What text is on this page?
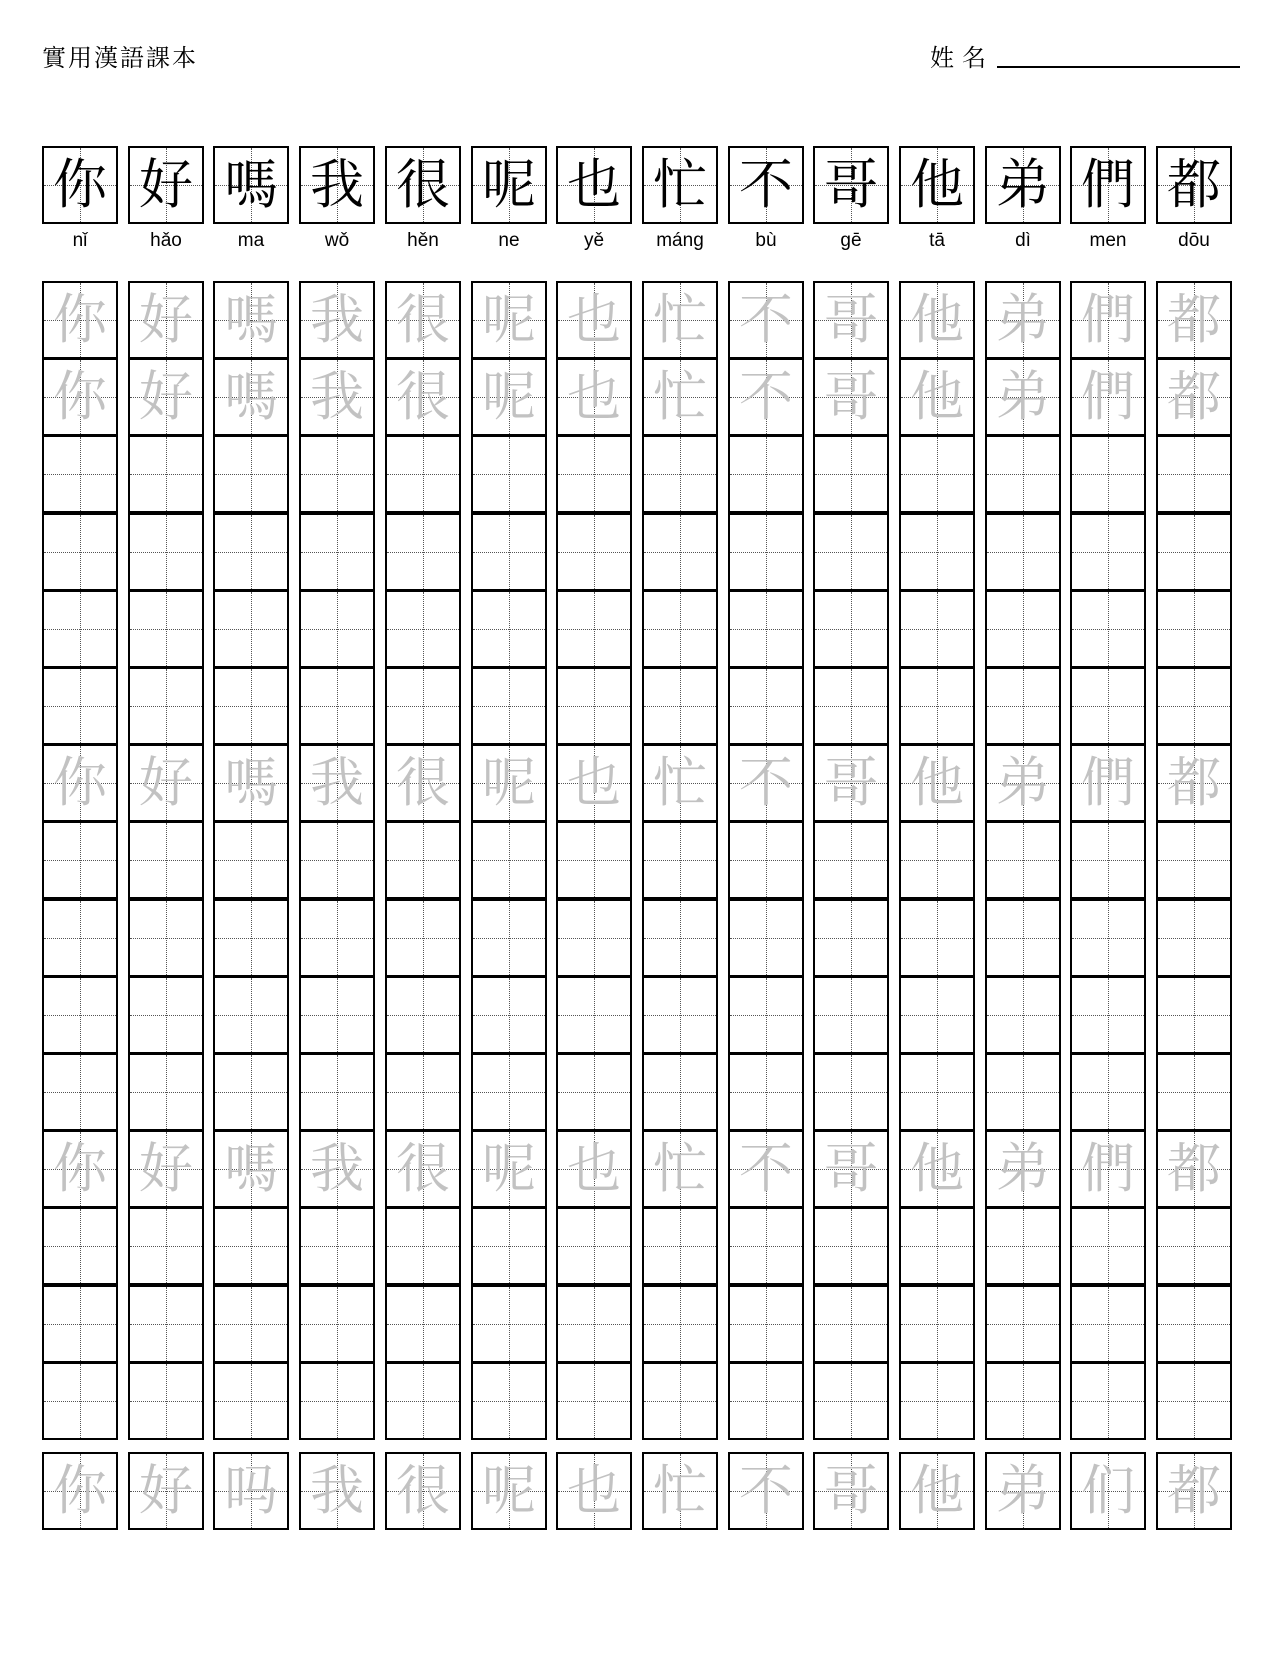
實用漢語課本	姓名
你
nǐ
好
hǎo
嗎
ma
我
wǒ
很
hěn
呢
ne
也
yě
忙
máng
不
bù
哥
gē
他
tā
弟
dì
們
men
都
dōu
你 好 嗎 我 很 呢 也 忙 不 哥 他 弟 們 都
你 好 嗎 我 很 呢 也 忙 不 哥 他 弟 們 都
你 好 嗎 我 很 呢 也 忙 不 哥 他 弟 們 都
你 好 嗎 我 很 呢 也 忙 不 哥 他 弟 們 都
你 好 吗 我 很 呢 也 忙 不 哥 他 弟 们 都
